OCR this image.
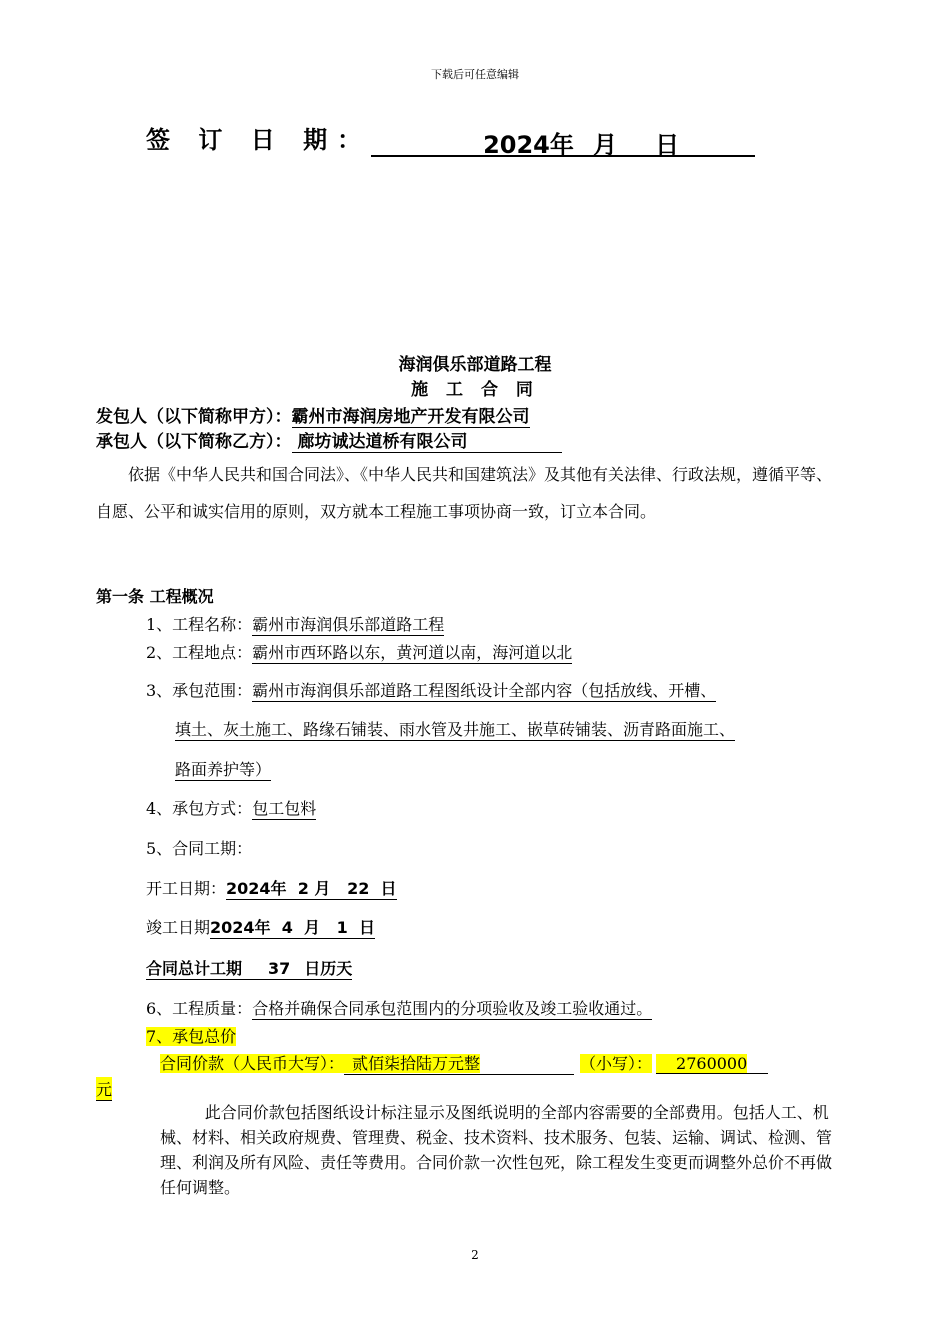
下载后可任意编辑
签 订 日 期：	2024年 月 日
海润俱乐部道路工程
施 工 合 同
发包人（以下简称甲方）：霸州市海润房地产开发有限公司
承包人（以下简称乙方）： 廊坊诚达道桥有限公司
依据《中华人民共和国合同法》、《中华人民共和国建筑法》及其他有关法律、行政法规，遵循平等、自愿、公平和诚实信用的原则，双方就本工程施工事项协商一致，订立本合同。
第一条 工程概况
1、工程名称：霸州市海润俱乐部道路工程
2、工程地点：霸州市西环路以东，黄河道以南，海河道以北
3、承包范围：霸州市海润俱乐部道路工程图纸设计全部内容（包括放线、开槽、
填土、灰土施工、路缘石铺装、雨水管及井施工、嵌草砖铺装、沥青路面施工、
路面养护等）
4、承包方式：包工包料
5、合同工期：
开工日期：2024年  2 月   22  日
竣工日期2024年  4  月   1  日
合同总计工期 37 日历天
6、工程质量：合格并确保合同承包范围内的分项验收及竣工验收通过。
7、承包总价
合同价款（人民币大写）： 贰佰柒拾陆万元整	（小写）： 2760000
元
此合同价款包括图纸设计标注显示及图纸说明的全部内容需要的全部费用。包括人工、机械、材料、相关政府规费、管理费、税金、技术资料、技术服务、包装、运输、调试、检测、管理、利润及所有风险、责任等费用。合同价款一次性包死，除工程发生变更而调整外总价不再做任何调整。
2
